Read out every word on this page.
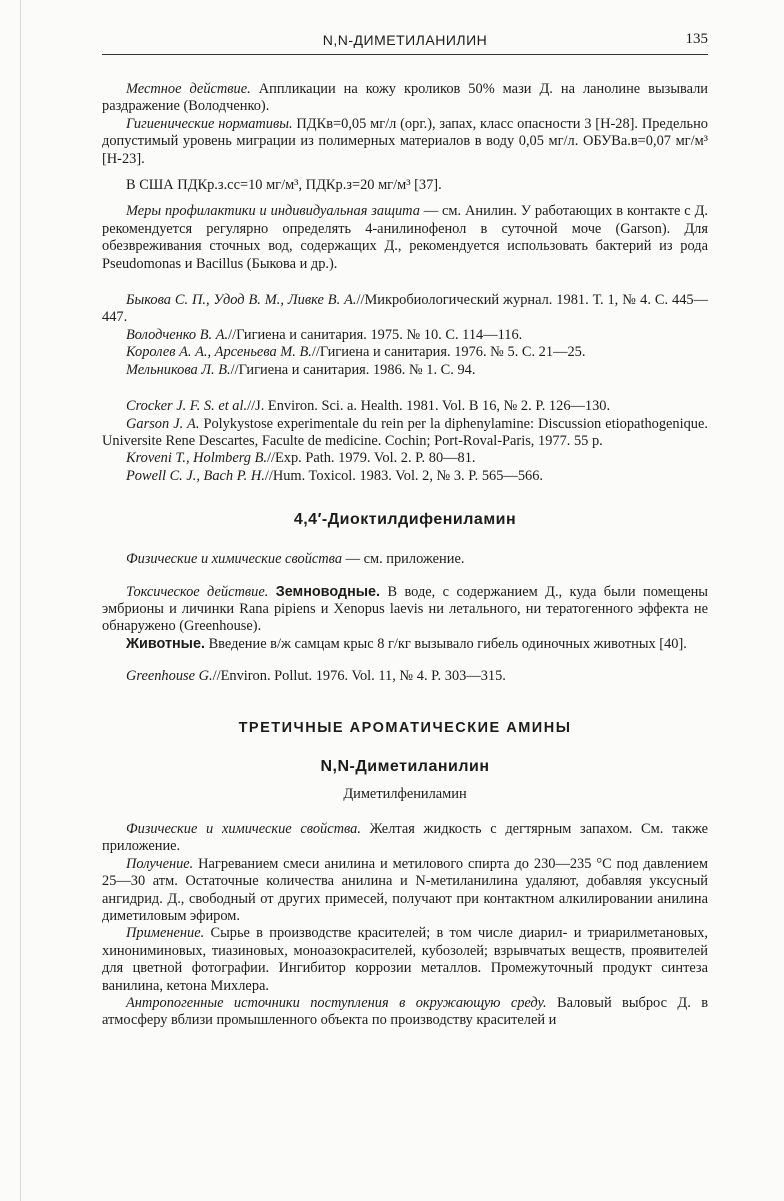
N,N-ДИМЕТИЛАНИЛИН	135

Местное действие. Аппликации на кожу кроликов 50% мази Д. на ланолине вызывали раздражение (Володченко).

Гигиенические нормативы. ПДКв=0,05 мг/л (орг.), запах, класс опасности 3 [Н-28]. Предельно допустимый уровень миграции из полимерных материалов в воду 0,05 мг/л. ОБУВа.в=0,07 мг/м³ [Н-23].

В США ПДКр.з.сс=10 мг/м³, ПДКр.з=20 мг/м³ [37].

Меры профилактики и индивидуальная защита — см. Анилин. У работающих в контакте с Д. рекомендуется регулярно определять 4-анилинофенол в суточной моче (Garson). Для обезвреживания сточных вод, содержащих Д., рекомендуется использовать бактерий из рода Pseudomonas и Bacillus (Быкова и др.).

Быкова С. П., Удод В. М., Ливке В. А.//Микробиологический журнал. 1981. Т. 1, № 4. С. 445—447.

Володченко В. А.//Гигиена и санитария. 1975. № 10. С. 114—116.

Королев А. А., Арсеньева М. В.//Гигиена и санитария. 1976. № 5. С. 21—25.

Мельникова Л. В.//Гигиена и санитария. 1986. № 1. С. 94.

Crocker J. F. S. et al.//J. Environ. Sci. a. Health. 1981. Vol. B 16, № 2. P. 126—130.

Garson J. A. Polykystose experimentale du rein per la diphenylamine: Discussion etiopathogenique. Universite Rene Descartes, Faculte de medicine. Cochin; Port-Roval-Paris, 1977. 55 p.

Kroveni T., Holmberg B.//Exp. Path. 1979. Vol. 2. P. 80—81.

Powell C. J., Bach P. H.//Hum. Toxicol. 1983. Vol. 2, № 3. P. 565—566.

4,4′-Диоктилдифениламин

Физические и химические свойства — см. приложение.

Токсическое действие. Земноводные. В воде, с содержанием Д., куда были помещены эмбрионы и личинки Rana pipiens и Xenopus laevis ни летального, ни тератогенного эффекта не обнаружено (Greenhouse).

Животные. Введение в/ж самцам крыс 8 г/кг вызывало гибель одиночных животных [40].

Greenhouse G.//Environ. Pollut. 1976. Vol. 11, № 4. P. 303—315.

ТРЕТИЧНЫЕ АРОМАТИЧЕСКИЕ АМИНЫ
N,N-Диметиланилин

Диметилфениламин

Физические и химические свойства. Желтая жидкость с дегтярным запахом. См. также приложение.

Получение. Нагреванием смеси анилина и метилового спирта до 230—235 °C под давлением 25—30 атм. Остаточные количества анилина и N-метиланилина удаляют, добавляя уксусный ангидрид. Д., свободный от других примесей, получают при контактном алкилировании анилина диметиловым эфиром.

Применение. Сырье в производстве красителей; в том числе диарил- и триарилметановых, хинониминовых, тиазиновых, моноазокрасителей, кубозолей; взрывчатых веществ, проявителей для цветной фотографии. Ингибитор коррозии металлов. Промежуточный продукт синтеза ванилина, кетона Михлера.

Антропогенные источники поступления в окружающую среду. Валовый выброс Д. в атмосферу вблизи промышленного объекта по производству красителей и
